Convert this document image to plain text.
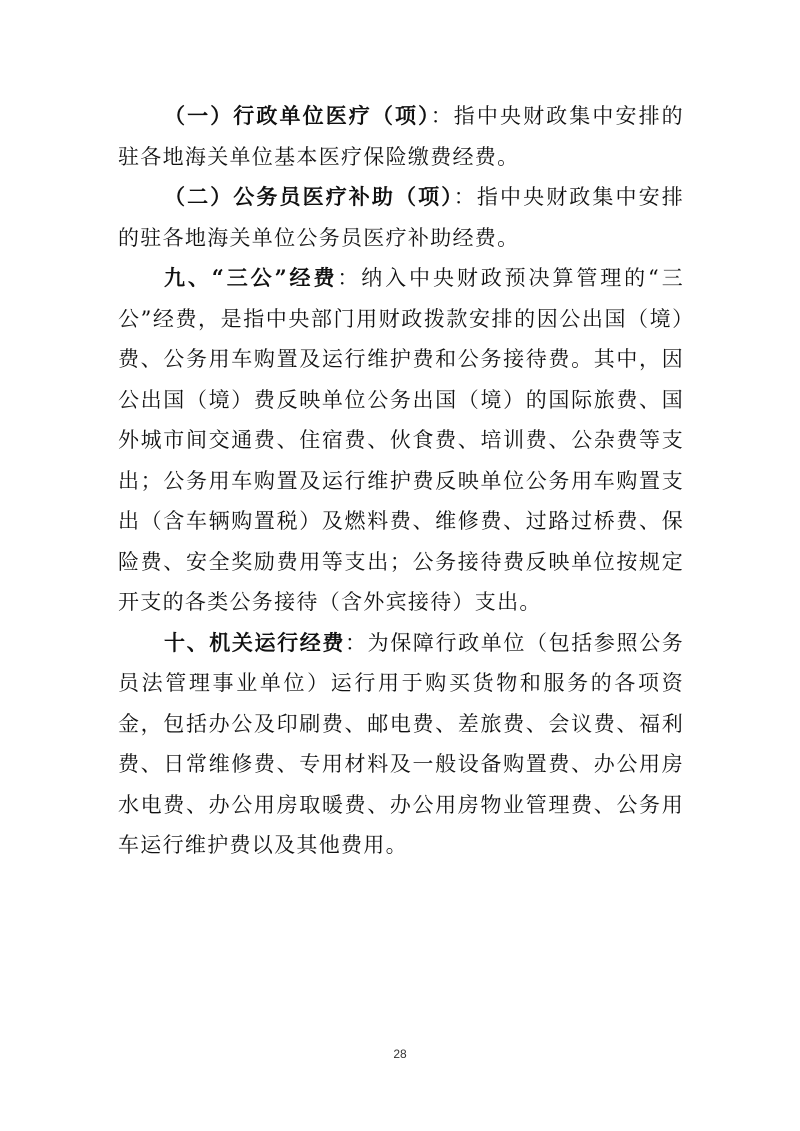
（一）行政单位医疗（项）：指中央财政集中安排的驻各地海关单位基本医疗保险缴费经费。

（二）公务员医疗补助（项）：指中央财政集中安排的驻各地海关单位公务员医疗补助经费。

九、“三公”经费：纳入中央财政预决算管理的“三公”经费，是指中央部门用财政拨款安排的因公出国（境）费、公务用车购置及运行维护费和公务接待费。其中，因公出国（境）费反映单位公务出国（境）的国际旅费、国外城市间交通费、住宿费、伙食费、培训费、公杂费等支出；公务用车购置及运行维护费反映单位公务用车购置支出（含车辆购置税）及燃料费、维修费、过路过桥费、保险费、安全奖励费用等支出；公务接待费反映单位按规定开支的各类公务接待（含外宾接待）支出。

十、机关运行经费：为保障行政单位（包括参照公务员法管理事业单位）运行用于购买货物和服务的各项资金，包括办公及印刷费、邮电费、差旅费、会议费、福利费、日常维修费、专用材料及一般设备购置费、办公用房水电费、办公用房取暖费、办公用房物业管理费、公务用车运行维护费以及其他费用。

28
